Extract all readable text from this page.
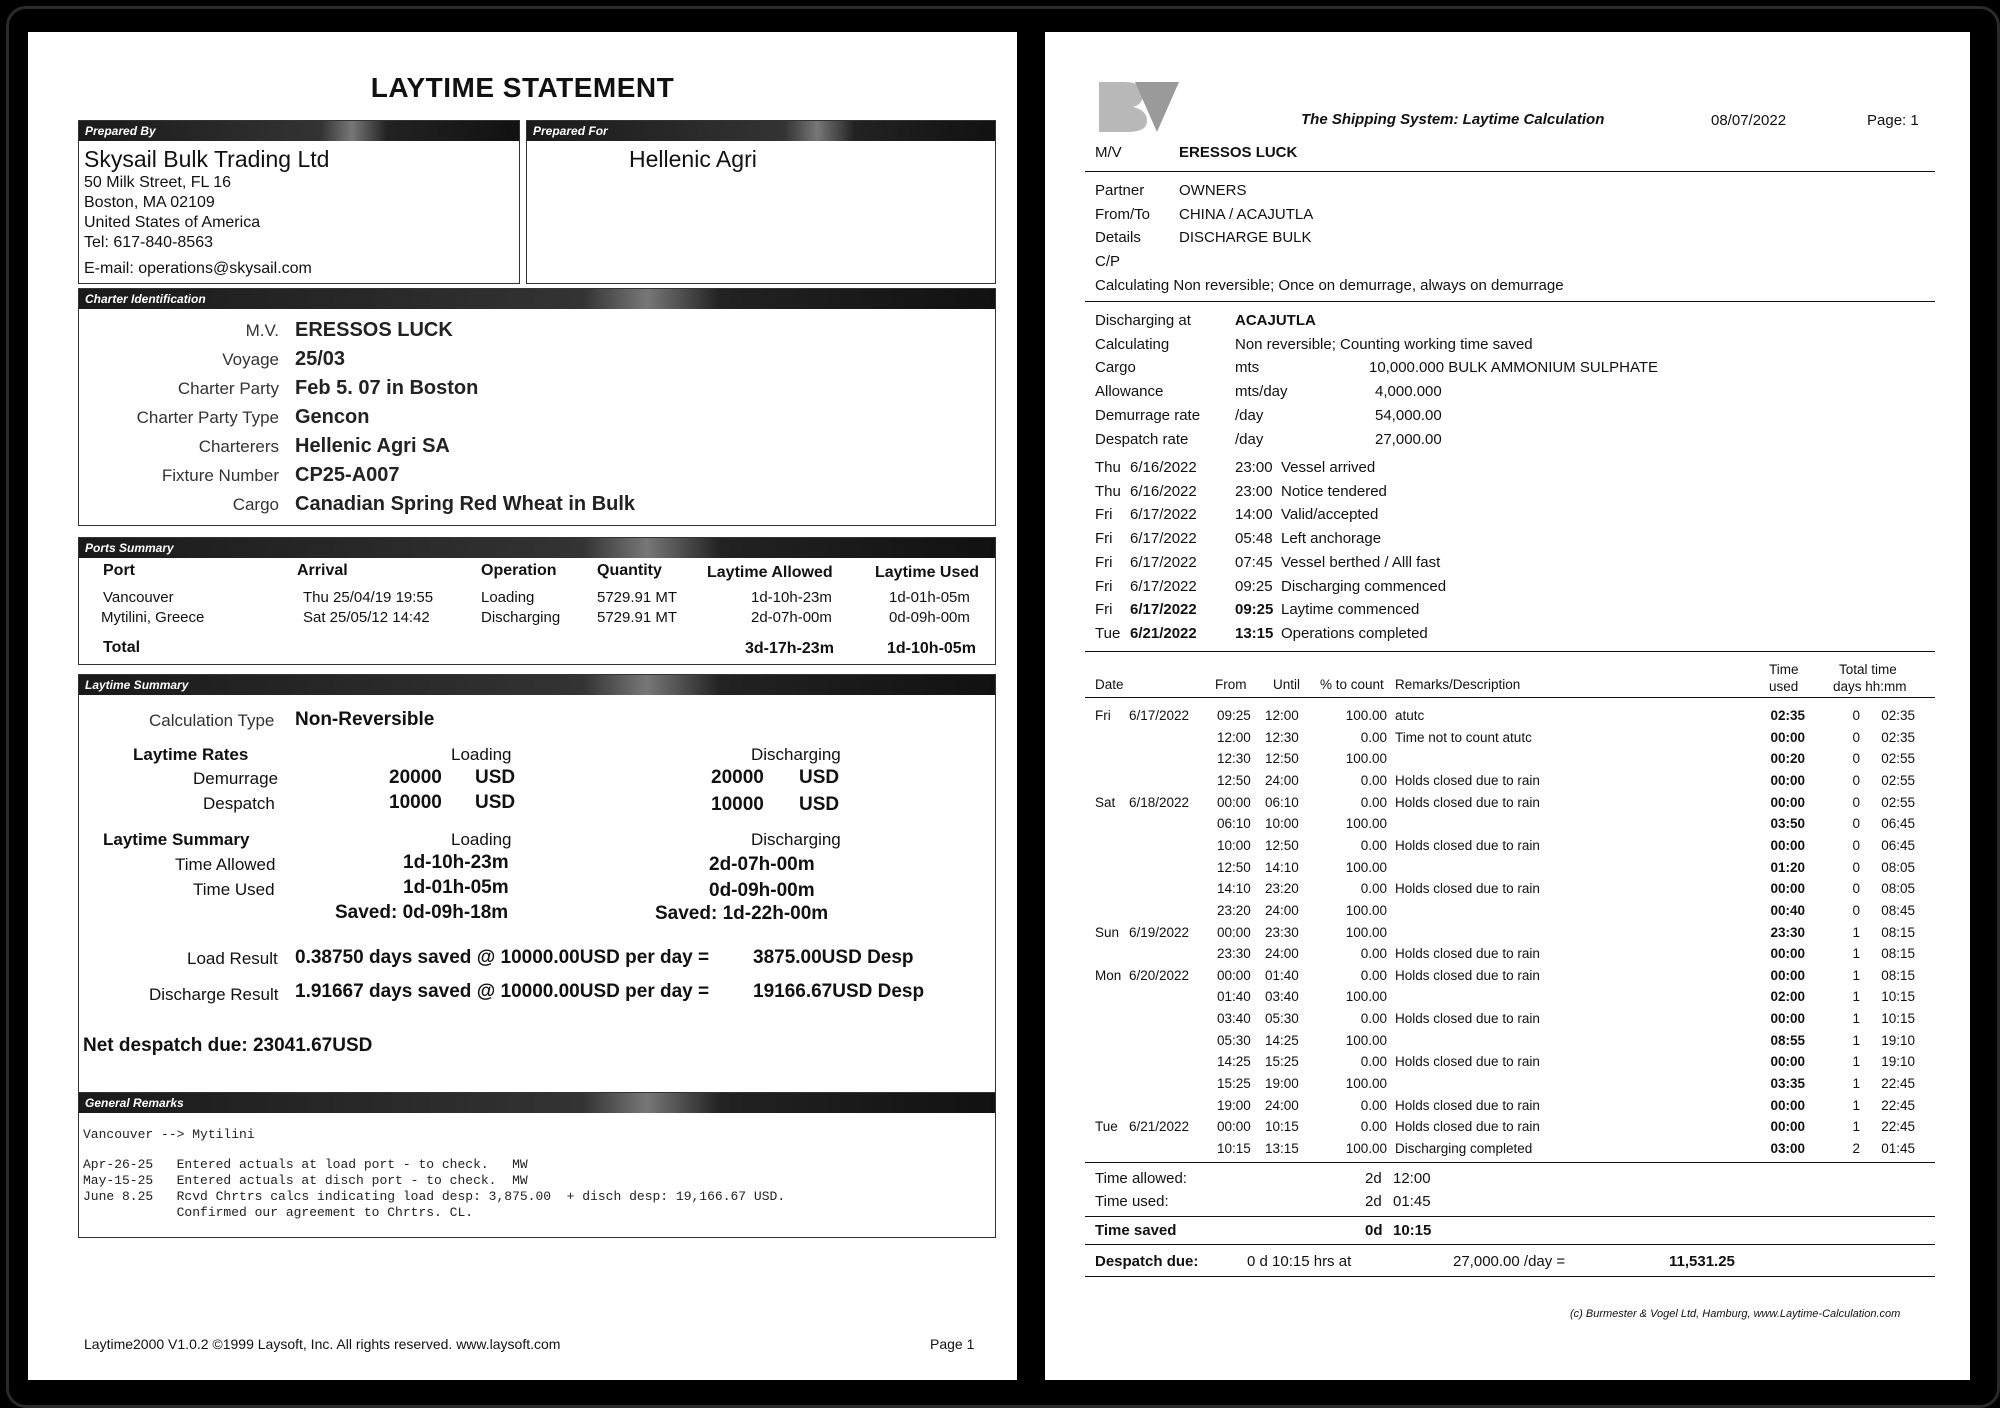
LAYTIME STATEMENT
Prepared By
Skysail Bulk Trading Ltd
50 Milk Street, FL 16
Boston, MA 02109
United States of America
Tel: 617-840-8563
E-mail: operations@skysail.com
Prepared For
Hellenic Agri
Charter Identification
M.V. ERESSOS LUCK
Voyage 25/03
Charter Party Feb 5. 07 in Boston
Charter Party Type Gencon
Charterers Hellenic Agri SA
Fixture Number CP25-A007
Cargo Canadian Spring Red Wheat in Bulk
Ports Summary
Port	Arrival	Operation	Quantity	Laytime Allowed	Laytime Used
Vancouver	Thu 25/04/19 19:55	Loading	5729.91 MT	1d-10h-23m	1d-01h-05m
Mytilini, Greece	Sat 25/05/12 14:42	Discharging 5729.91 MT	2d-07h-00m	0d-09h-00m
Total	3d-17h-23m	1d-10h-05m
Laytime Summary
Calculation Type Non-Reversible
Laytime Rates	Loading	Discharging
Demurrage	20000 USD	20000 USD
Despatch	10000 USD	10000 USD
Laytime Summary	Loading	Discharging
Time Allowed	1d-10h-23m	2d-07h-00m
Time Used	1d-01h-05m	0d-09h-00m
Saved: 0d-09h-18m	Saved: 1d-22h-00m
Load Result 0.38750 days saved @ 10000.00USD per day = 3875.00USD Desp
Discharge Result 1.91667 days saved @ 10000.00USD per day = 19166.67USD Desp
Net despatch due: 23041.67USD
General Remarks
Vancouver --> Mytilini
Apr-26-25   Entered actuals at load port - to check.   MW
May-15-25   Entered actuals at disch port - to check.  MW
June 8.25   Rcvd Chrtrs calcs indicating load desp: 3,875.00  + disch desp: 19,166.67 USD.
Confirmed our agreement to Chrtrs. CL.
Laytime2000 V1.0.2 ©1999 Laysoft, Inc. All rights reserved. www.laysoft.com	Page 1
The Shipping System: Laytime Calculation	08/07/2022	Page: 1
M/V	ERESSOS LUCK
Partner OWNERS
From/To CHINA / ACAJUTLA
Details	DISCHARGE BULK
C/P
Calculating Non reversible; Once on demurrage, always on demurrage
Discharging at	ACAJUTLA
Calculating	Non reversible; Counting working time saved
Cargo	mts	10,000.000 BULK AMMONIUM SULPHATE
Allowance	mts/day	4,000.000
Demurrage rate /day	54,000.00
Despatch rate	/day	27,000.00
Thu 6/16/2022	23:00 Vessel arrived
Thu 6/16/2022	23:00 Notice tendered
Fri 6/17/2022	14:00 Valid/accepted
Fri 6/17/2022	05:48 Left anchorage
Fri 6/17/2022	07:45 Vessel berthed / Alll fast
Fri 6/17/2022	09:25 Discharging commenced
Fri 6/17/2022	09:25 Laytime commenced
Tue 6/21/2022	13:15 Operations completed
Date	From Until % to count Remarks/Description
Time
used
Total time
days hh:mm
Fri 6/17/2022 09:25 12:00	100.00 atutc	02:35	0 02:35
12:00 12:30	0.00 Time not to count atutc	00:00	0 02:35
12:30 12:50	100.00	00:20	0 02:55
12:50 24:00	0.00 Holds closed due to rain	00:00	0 02:55
Sat 6/18/2022 00:00 06:10	0.00 Holds closed due to rain	00:00	0 02:55
06:10 10:00	100.00	03:50	0 06:45
10:00 12:50	0.00 Holds closed due to rain	00:00	0 06:45
12:50 14:10	100.00	01:20	0 08:05
14:10 23:20	0.00 Holds closed due to rain	00:00	0 08:05
23:20 24:00	100.00	00:40	0 08:45
Sun 6/19/2022 00:00 23:30	100.00	23:30	1 08:15
23:30 24:00	0.00 Holds closed due to rain	00:00	1 08:15
Mon 6/20/2022 00:00 01:40	0.00 Holds closed due to rain	00:00	1 08:15
01:40 03:40	100.00	02:00	1 10:15
03:40 05:30	0.00 Holds closed due to rain	00:00	1 10:15
05:30 14:25	100.00	08:55	1 19:10
14:25 15:25	0.00 Holds closed due to rain	00:00	1 19:10
15:25 19:00	100.00	03:35	1 22:45
19:00 24:00	0.00 Holds closed due to rain	00:00	1 22:45
Tue 6/21/2022 00:00 10:15	0.00 Holds closed due to rain	00:00	1 22:45
10:15 13:15	100.00 Discharging completed	03:00	2 01:45
Time allowed:	2d 12:00
Time used:	2d 01:45
Time saved	0d 10:15
Despatch due:	0 d 10:15 hrs at	27,000.00 /day =	11,531.25
(c) Burmester & Vogel Ltd, Hamburg, www.Laytime-Calculation.com
